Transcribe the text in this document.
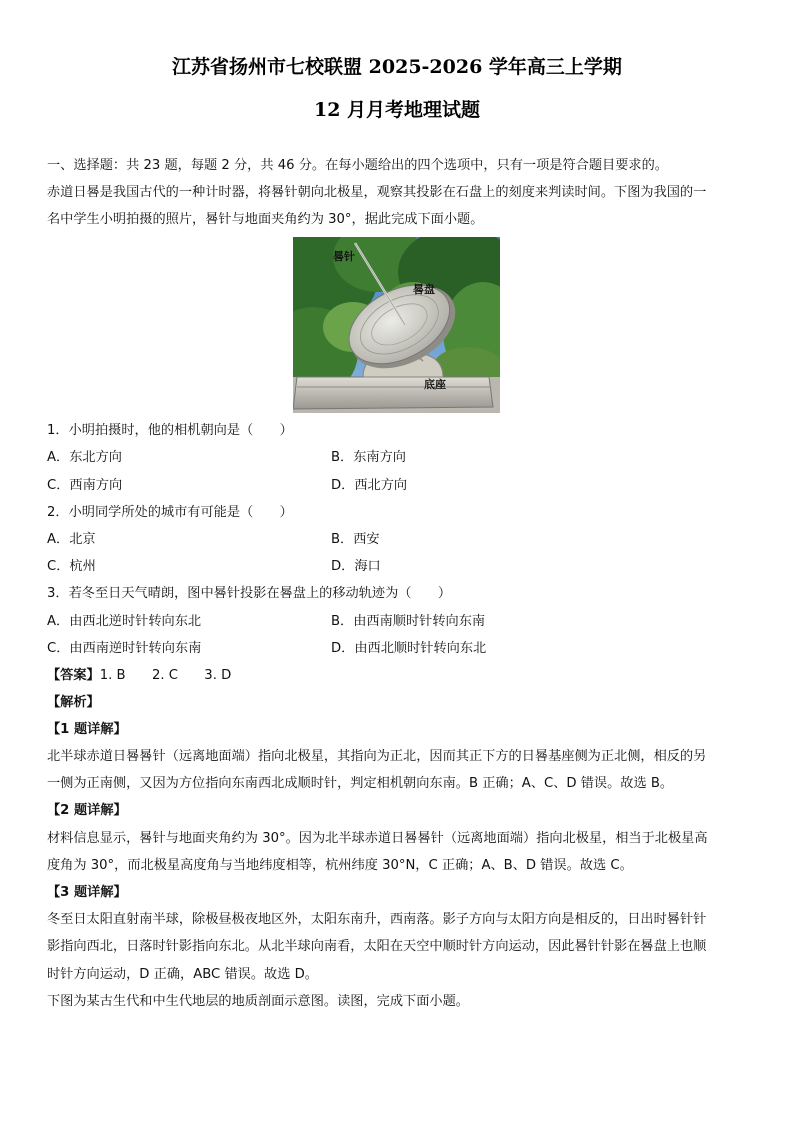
江苏省扬州市七校联盟 2025-2026 学年高三上学期
12 月月考地理试题
一、选择题：共 23 题，每题 2 分，共 46 分。在每小题给出的四个选项中，只有一项是符合题目要求的。
赤道日晷是我国古代的一种计时器，将晷针朝向北极星，观察其投影在石盘上的刻度来判读时间。下图为我国的一
名中学生小明拍摄的照片，晷针与地面夹角约为 30°，据此完成下面小题。
晷针
晷盘
底座
1．小明拍摄时，他的相机朝向是（　　）
A．东北方向	B．东南方向
C．西南方向	D．西北方向
2．小明同学所处的城市有可能是（　　）
A．北京	B．西安
C．杭州	D．海口
3．若冬至日天气晴朗，图中晷针投影在晷盘上的移动轨迹为（　　）
A．由西北逆时针转向东北	B．由西南顺时针转向东南
C．由西南逆时针转向东南	D．由西北顺时针转向东北
【答案】1. B　　2. C　　3. D
【解析】
【1 题详解】
北半球赤道日晷晷针（远离地面端）指向北极星，其指向为正北，因而其正下方的日晷基座侧为正北侧，相反的另
一侧为正南侧，又因为方位指向东南西北成顺时针，判定相机朝向东南。B 正确；A、C、D 错误。故选 B。
【2 题详解】
材料信息显示，晷针与地面夹角约为 30°。因为北半球赤道日晷晷针（远离地面端）指向北极星，相当于北极星高
度角为 30°，而北极星高度角与当地纬度相等，杭州纬度 30°N，C 正确；A、B、D 错误。故选 C。
【3 题详解】
冬至日太阳直射南半球，除极昼极夜地区外，太阳东南升，西南落。影子方向与太阳方向是相反的，日出时晷针针
影指向西北，日落时针影指向东北。从北半球向南看，太阳在天空中顺时针方向运动，因此晷针针影在晷盘上也顺
时针方向运动，D 正确，ABC 错误。故选 D。
下图为某古生代和中生代地层的地质剖面示意图。读图，完成下面小题。
